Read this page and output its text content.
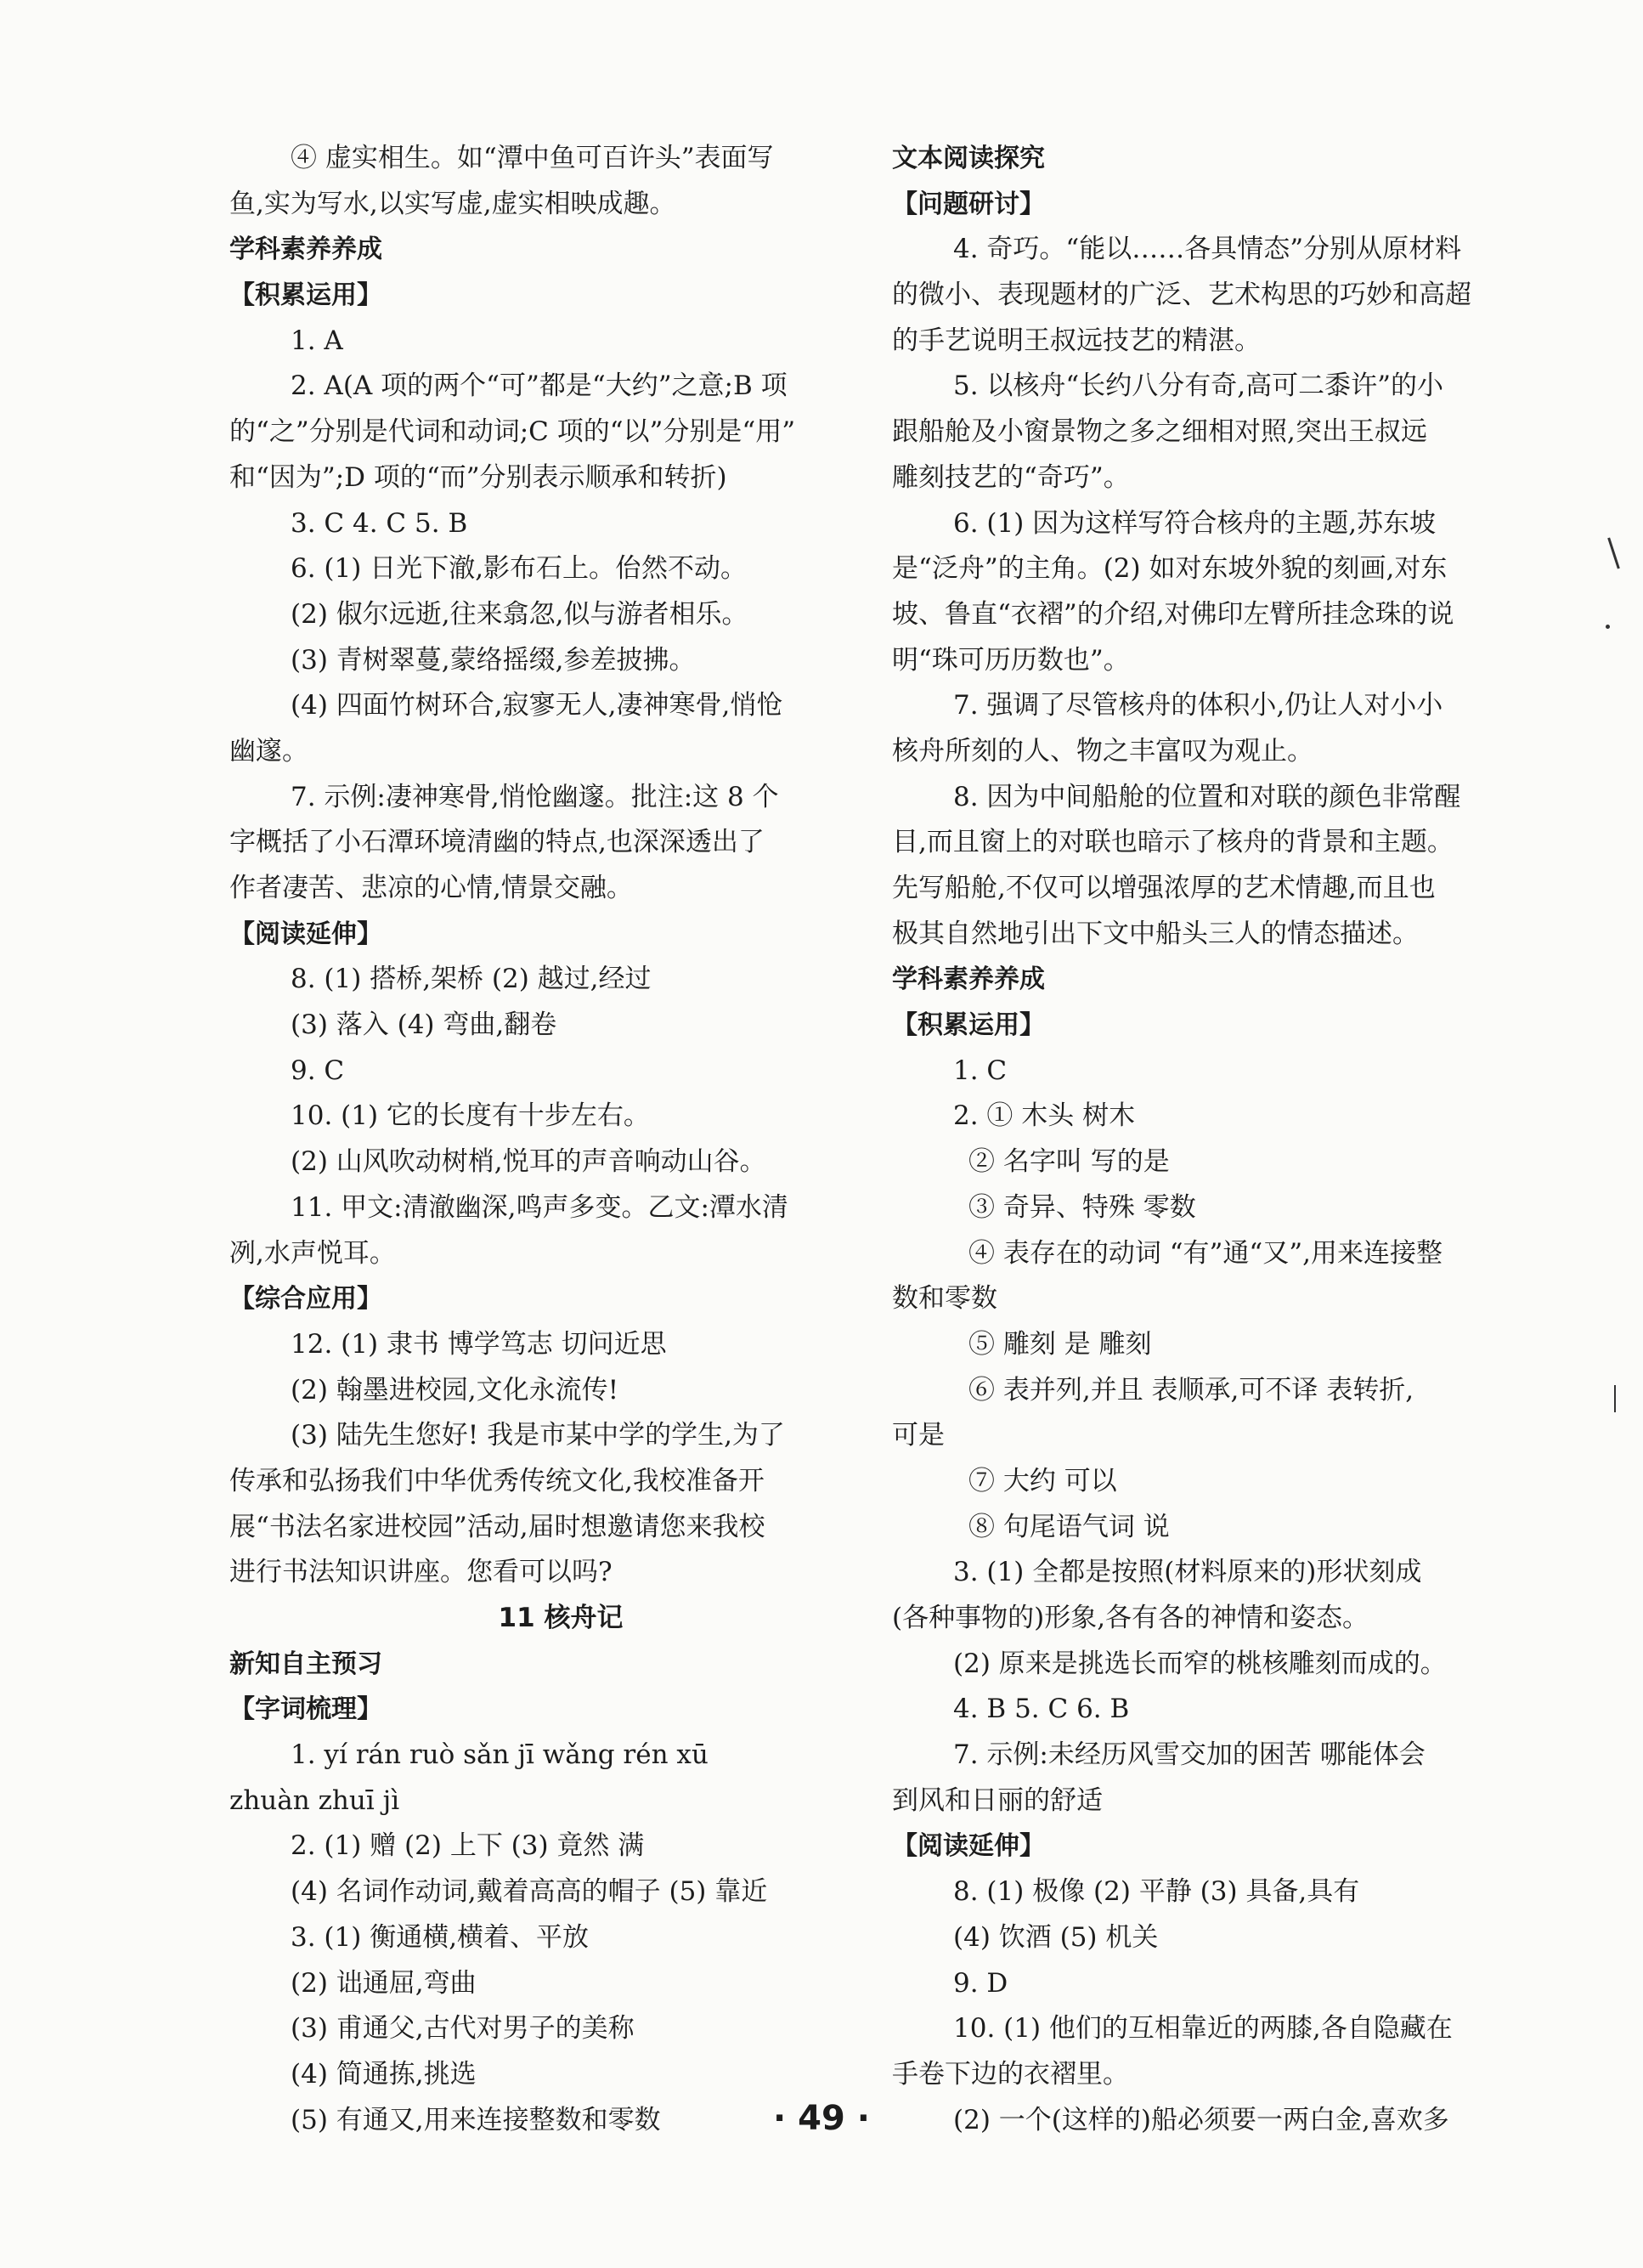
④ 虚实相生。如“潭中鱼可百许头”表面写
鱼,实为写水,以实写虚,虚实相映成趣。
学科素养养成
【积累运用】
1. A
2. A(A 项的两个“可”都是“大约”之意;B 项
的“之”分别是代词和动词;C 项的“以”分别是“用”
和“因为”;D 项的“而”分别表示顺承和转折)
3. C 4. C 5. B
6. (1) 日光下澈,影布石上。佁然不动。
(2) 俶尔远逝,往来翕忽,似与游者相乐。
(3) 青树翠蔓,蒙络摇缀,参差披拂。
(4) 四面竹树环合,寂寥无人,凄神寒骨,悄怆
幽邃。
7. 示例:凄神寒骨,悄怆幽邃。批注:这 8 个
字概括了小石潭环境清幽的特点,也深深透出了
作者凄苦、悲凉的心情,情景交融。
【阅读延伸】
8. (1) 搭桥,架桥 (2) 越过,经过
(3) 落入 (4) 弯曲,翻卷
9. C
10. (1) 它的长度有十步左右。
(2) 山风吹动树梢,悦耳的声音响动山谷。
11. 甲文:清澈幽深,鸣声多变。乙文:潭水清
冽,水声悦耳。
【综合应用】
12. (1) 隶书 博学笃志 切问近思
(2) 翰墨进校园,文化永流传!
(3) 陆先生您好! 我是市某中学的学生,为了
传承和弘扬我们中华优秀传统文化,我校准备开
展“书法名家进校园”活动,届时想邀请您来我校
进行书法知识讲座。您看可以吗?
11 核舟记
新知自主预习
【字词梳理】
1. yí rán ruò sǎn jī wǎng rén xū
zhuàn zhuī jì
2. (1) 赠 (2) 上下 (3) 竟然 满
(4) 名词作动词,戴着高高的帽子 (5) 靠近
3. (1) 衡通横,横着、平放
(2) 诎通屈,弯曲
(3) 甫通父,古代对男子的美称
(4) 简通拣,挑选
(5) 有通又,用来连接整数和零数
文本阅读探究
【问题研讨】
4. 奇巧。“能以……各具情态”分别从原材料
的微小、表现题材的广泛、艺术构思的巧妙和高超
的手艺说明王叔远技艺的精湛。
5. 以核舟“长约八分有奇,高可二黍许”的小
跟船舱及小窗景物之多之细相对照,突出王叔远
雕刻技艺的“奇巧”。
6. (1) 因为这样写符合核舟的主题,苏东坡
是“泛舟”的主角。(2) 如对东坡外貌的刻画,对东
坡、鲁直“衣褶”的介绍,对佛印左臂所挂念珠的说
明“珠可历历数也”。
7. 强调了尽管核舟的体积小,仍让人对小小
核舟所刻的人、物之丰富叹为观止。
8. 因为中间船舱的位置和对联的颜色非常醒
目,而且窗上的对联也暗示了核舟的背景和主题。
先写船舱,不仅可以增强浓厚的艺术情趣,而且也
极其自然地引出下文中船头三人的情态描述。
学科素养养成
【积累运用】
1. C
2. ① 木头 树木
② 名字叫 写的是
③ 奇异、特殊 零数
④ 表存在的动词 “有”通“又”,用来连接整
数和零数
⑤ 雕刻 是 雕刻
⑥ 表并列,并且 表顺承,可不译 表转折,
可是
⑦ 大约 可以
⑧ 句尾语气词 说
3. (1) 全都是按照(材料原来的)形状刻成
(各种事物的)形象,各有各的神情和姿态。
(2) 原来是挑选长而窄的桃核雕刻而成的。
4. B 5. C 6. B
7. 示例:未经历风雪交加的困苦 哪能体会
到风和日丽的舒适
【阅读延伸】
8. (1) 极像 (2) 平静 (3) 具备,具有
(4) 饮酒 (5) 机关
9. D
10. (1) 他们的互相靠近的两膝,各自隐藏在
手卷下边的衣褶里。
(2) 一个(这样的)船必须要一两白金,喜欢多
· 49 ·
